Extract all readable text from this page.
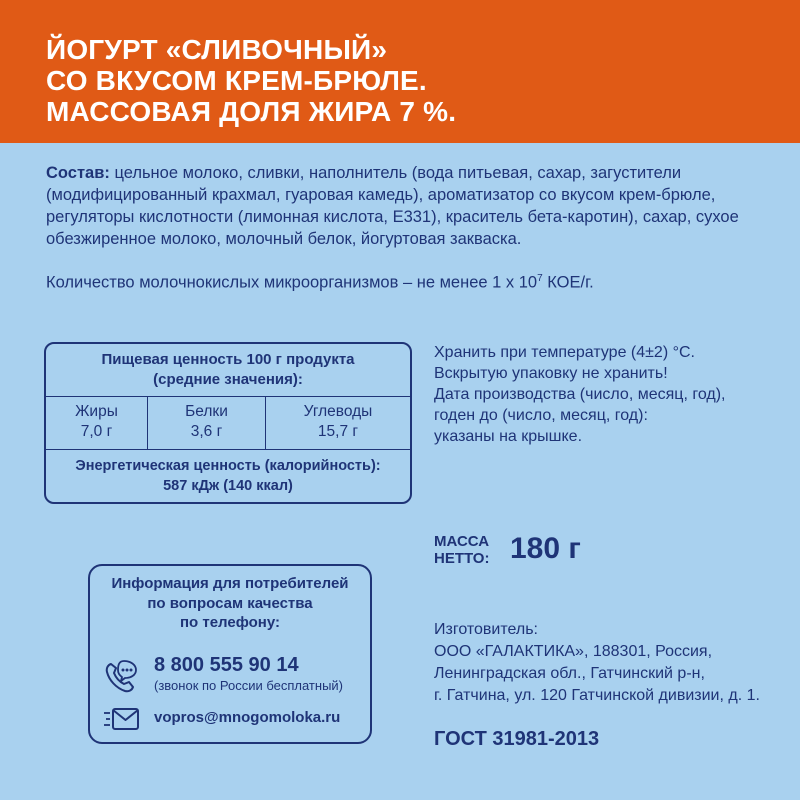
ЙОГУРТ «СЛИВОЧНЫЙ»
СО ВКУСОМ КРЕМ-БРЮЛЕ.
МАССОВАЯ ДОЛЯ ЖИРА 7 %.

Состав: цельное молоко, сливки, наполнитель (вода питьевая, сахар, загустители (модифицированный крахмал, гуаровая камедь), ароматизатор со вкусом крем-брюле, регуляторы кислотности (лимонная кислота, Е331), краситель бета-каротин), сахар, сухое обезжиренное молоко, молочный белок, йогуртовая закваска.

Количество молочнокислых микроорганизмов – не менее 1 x $10^7$ КОЕ/г.

Пищевая ценность 100 г продукта
(средние значения):
Жиры
7,0 г
Белки
3,6 г
Углеводы
15,7 г
Энергетическая ценность (калорийность):
587 кДж (140 ккал)

Хранить при температуре (4±2) °С.
Вскрытую упаковку не хранить!
Дата производства (число, месяц, год),
годен до (число, месяц, год):
указаны на крышке.

МАССА
НЕТТО: 180 г
Информация для потребителей
по вопросам качества
по телефону:
8 800 555 90 14
(звонок по России бесплатный)
vopros@mnogomoloka.ru

Изготовитель:
ООО «ГАЛАКТИКА», 188301, Россия,
Ленинградская обл., Гатчинский р-н,
г. Гатчина, ул. 120 Гатчинской дивизии, д. 1.

ГОСТ 31981-2013
